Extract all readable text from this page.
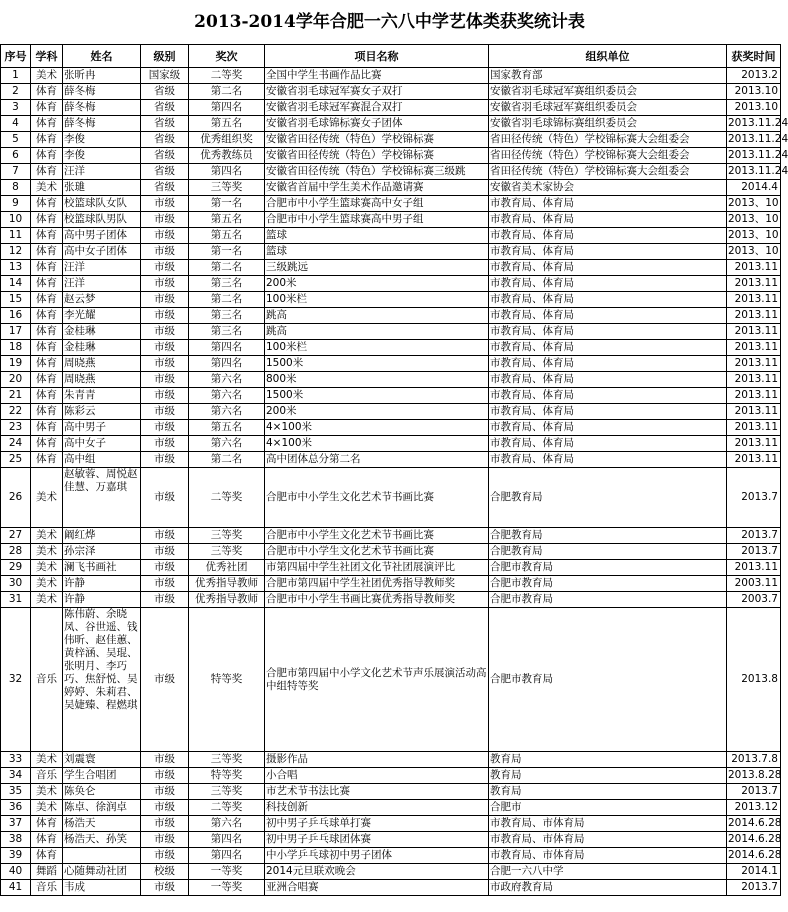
2013-2014学年合肥一六八中学艺体类获奖统计表
序号	学科	姓名	级别	奖次	项目名称	组织单位	获奖时间
1	美术	张昕冉	国家级	二等奖	全国中学生书画作品比赛	国家教育部	2013.2
2	体育	薛冬梅	省级	第二名	安徽省羽毛球冠军赛女子双打	安徽省羽毛球冠军赛组织委员会	2013.10
3	体育	薛冬梅	省级	第四名	安徽省羽毛球冠军赛混合双打	安徽省羽毛球冠军赛组织委员会	2013.10
4	体育	薛冬梅	省级	第五名	安徽省羽毛球锦标赛女子团体	安徽省羽毛球锦标赛组织委员会	2013.11.24
5	体育	李俊	省级	优秀组织奖	安徽省田径传统（特色）学校锦标赛	省田径传统（特色）学校锦标赛大会组委会	2013.11.24
6	体育	李俊	省级	优秀教练员	安徽省田径传统（特色）学校锦标赛	省田径传统（特色）学校锦标赛大会组委会	2013.11.24
7	体育	汪洋	省级	第四名	安徽省田径传统（特色）学校锦标赛三级跳	省田径传统（特色）学校锦标赛大会组委会	2013.11.24
8	美术	张璡	省级	三等奖	安徽省首届中学生美术作品邀请赛	安徽省美术家协会	2014.4
9	体育	校篮球队女队	市级	第一名	合肥市中小学生篮球赛高中女子组	市教育局、体育局	2013、10
10	体育	校篮球队男队	市级	第五名	合肥市中小学生篮球赛高中男子组	市教育局、体育局	2013、10
11	体育	高中男子团体	市级	第五名	篮球	市教育局、体育局	2013、10
12	体育	高中女子团体	市级	第一名	篮球	市教育局、体育局	2013、10
13	体育	汪洋	市级	第二名	三级跳远	市教育局、体育局	2013.11
14	体育	汪洋	市级	第三名	200米	市教育局、体育局	2013.11
15	体育	赵云梦	市级	第二名	100米栏	市教育局、体育局	2013.11
16	体育	李光耀	市级	第三名	跳高	市教育局、体育局	2013.11
17	体育	金桂琳	市级	第三名	跳高	市教育局、体育局	2013.11
18	体育	金桂琳	市级	第四名	100米栏	市教育局、体育局	2013.11
19	体育	周晓燕	市级	第四名	1500米	市教育局、体育局	2013.11
20	体育	周晓燕	市级	第六名	800米	市教育局、体育局	2013.11
21	体育	朱青青	市级	第六名	1500米	市教育局、体育局	2013.11
22	体育	陈彩云	市级	第六名	200米	市教育局、体育局	2013.11
23	体育	高中男子	市级	第五名	4×100米	市教育局、体育局	2013.11
24	体育	高中女子	市级	第六名	4×100米	市教育局、体育局	2013.11
25	体育	高中组	市级	第二名	高中团体总分第二名	市教育局、体育局	2013.11
26	美术	赵敏蓉、周悦赵佳慧、万嘉琪	市级	二等奖	合肥市中小学生文化艺术节书画比赛	合肥教育局	2013.7
27	美术	阚红烨	市级	三等奖	合肥市中小学生文化艺术节书画比赛	合肥教育局	2013.7
28	美术	孙宗泽	市级	三等奖	合肥市中小学生文化艺术节书画比赛	合肥教育局	2013.7
29	美术	澜飞书画社	市级	优秀社团	市第四届中学生社团文化节社团展演评比	合肥市教育局	2013.11
30	美术	许静	市级	优秀指导教师	合肥市第四届中学生社团优秀指导教师奖	合肥市教育局	2003.11
31	美术	许静	市级	优秀指导教师	合肥市中小学生书画比赛优秀指导教师奖	合肥市教育局	2003.7
32	音乐	陈伟蔚、余晓凤、谷世遥、钱伟昕、赵佳蕙、黄梓涵、吴琨、张明月、李巧巧、焦舒悦、吴婷婷、朱莉君、吴婕臻、程燃琪	市级	特等奖	合肥市第四届中小学文化艺术节声乐展演活动高中组特等奖	合肥市教育局	2013.8
33	美术	刘震寰	市级	三等奖	摄影作品	教育局	2013.7.8
34	音乐	学生合唱团	市级	特等奖	小合唱	教育局	2013.8.28
35	美术	陈奂仑	市级	三等奖	市艺术节书法比赛	教育局	2013.7
36	美术	陈卓、徐润卓	市级	二等奖	科技创新	合肥市	2013.12
37	体育	杨浩天	市级	第六名	初中男子乒乓球单打赛	市教育局、市体育局	2014.6.28
38	体育	杨浩天、孙笑	市级	第四名	初中男子乒乓球团体赛	市教育局、市体育局	2014.6.28
39	体育		市级	第四名	中小学乒乓球初中男子团体	市教育局、市体育局	2014.6.28
40	舞蹈	心随舞动社团	校级	一等奖	2014元旦联欢晚会	合肥一六八中学	2014.1
41	音乐	韦成	市级	一等奖	亚洲合唱赛	市政府教育局	2013.7
